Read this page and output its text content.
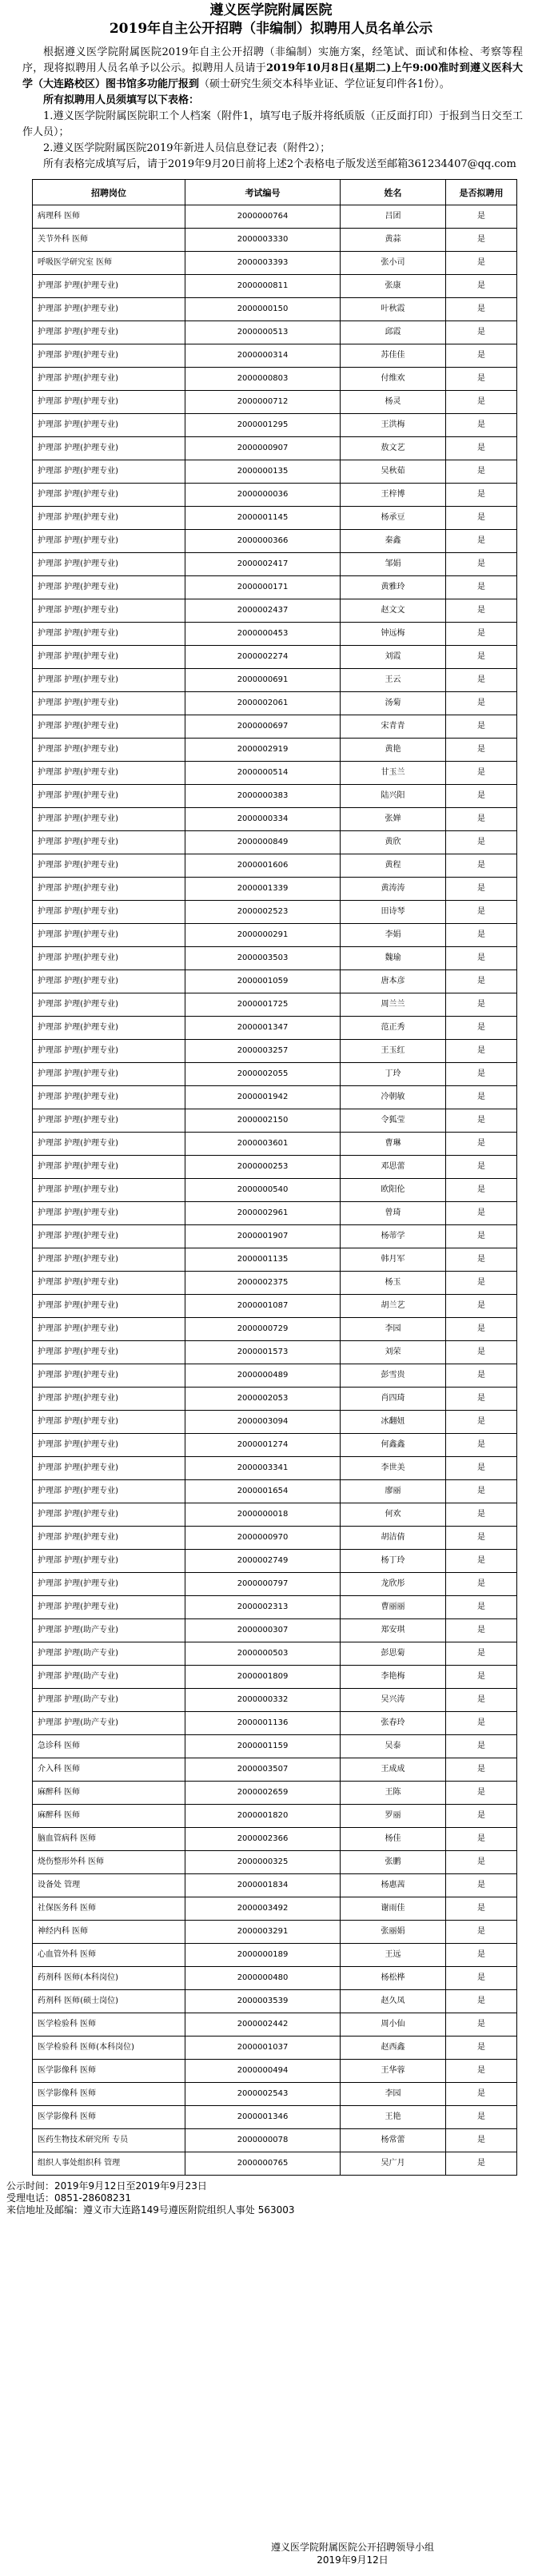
遵义医学院附属医院
2019年自主公开招聘（非编制）拟聘用人员名单公示

根据遵义医学院附属医院2019年自主公开招聘（非编制）实施方案，经笔试、面试和体检、考察等程序，现将拟聘用人员名单予以公示。拟聘用人员请于2019年10月8日(星期二)上午9:00准时到遵义医科大学（大连路校区）图书馆多功能厅报到（硕士研究生须交本科毕业证、学位证复印件各1份）。

所有拟聘用人员须填写以下表格：

1.遵义医学院附属医院职工个人档案（附件1，填写电子版并将纸质版（正反面打印）于报到当日交至工作人员）；

2.遵义医学院附属医院2019年新进人员信息登记表（附件2）；

所有表格完成填写后，请于2019年9月20日前将上述2个表格电子版发送至邮箱361234407@qq.com

招聘岗位	考试编号	姓名	是否拟聘用
病理科 医师	2000000764	吕团	是
关节外科 医师	2000003330	黄蒜	是
呼吸医学研究室 医师	2000003393	张小司	是
护理部 护理(护理专业)	2000000811	张康	是
护理部 护理(护理专业)	2000000150	叶秋霞	是
护理部 护理(护理专业)	2000000513	邱霞	是
护理部 护理(护理专业)	2000000314	苏佳佳	是
护理部 护理(护理专业)	2000000803	付维欢	是
护理部 护理(护理专业)	2000000712	杨灵	是
护理部 护理(护理专业)	2000001295	王洪梅	是
护理部 护理(护理专业)	2000000907	敖文艺	是
护理部 护理(护理专业)	2000000135	吴秋茹	是
护理部 护理(护理专业)	2000000036	王梓博	是
护理部 护理(护理专业)	2000001145	杨承豆	是
护理部 护理(护理专业)	2000000366	秦鑫	是
护理部 护理(护理专业)	2000002417	邹娟	是
护理部 护理(护理专业)	2000000171	黄雅玲	是
护理部 护理(护理专业)	2000002437	赵文文	是
护理部 护理(护理专业)	2000000453	钟远梅	是
护理部 护理(护理专业)	2000002274	刘霞	是
护理部 护理(护理专业)	2000000691	王云	是
护理部 护理(护理专业)	2000002061	汤菊	是
护理部 护理(护理专业)	2000000697	宋青青	是
护理部 护理(护理专业)	2000002919	黄艳	是
护理部 护理(护理专业)	2000000514	甘玉兰	是
护理部 护理(护理专业)	2000000383	陆兴阳	是
护理部 护理(护理专业)	2000000334	张婵	是
护理部 护理(护理专业)	2000000849	黄欣	是
护理部 护理(护理专业)	2000001606	黄程	是
护理部 护理(护理专业)	2000001339	黄涛涛	是
护理部 护理(护理专业)	2000002523	田诗琴	是
护理部 护理(护理专业)	2000000291	李娟	是
护理部 护理(护理专业)	2000003503	魏瑜	是
护理部 护理(护理专业)	2000001059	唐本彦	是
护理部 护理(护理专业)	2000001725	周兰兰	是
护理部 护理(护理专业)	2000001347	范正秀	是
护理部 护理(护理专业)	2000003257	王玉红	是
护理部 护理(护理专业)	2000002055	丁玲	是
护理部 护理(护理专业)	2000001942	冷朝敏	是
护理部 护理(护理专业)	2000002150	令狐莹	是
护理部 护理(护理专业)	2000003601	曹琳	是
护理部 护理(护理专业)	2000000253	邓思蕾	是
护理部 护理(护理专业)	2000000540	欧阳伦	是
护理部 护理(护理专业)	2000002961	曾琦	是
护理部 护理(护理专业)	2000001907	杨蒂学	是
护理部 护理(护理专业)	2000001135	韩月军	是
护理部 护理(护理专业)	2000002375	杨玉	是
护理部 护理(护理专业)	2000001087	胡兰艺	是
护理部 护理(护理专业)	2000000729	李园	是
护理部 护理(护理专业)	2000001573	刘荣	是
护理部 护理(护理专业)	2000000489	彭雪贵	是
护理部 护理(护理专业)	2000002053	肖四琦	是
护理部 护理(护理专业)	2000003094	冰翻妞	是
护理部 护理(护理专业)	2000001274	何鑫鑫	是
护理部 护理(护理专业)	2000003341	李世美	是
护理部 护理(护理专业)	2000001654	廖丽	是
护理部 护理(护理专业)	2000000018	何欢	是
护理部 护理(护理专业)	2000000970	胡洁倩	是
护理部 护理(护理专业)	2000002749	杨丁玲	是
护理部 护理(护理专业)	2000000797	龙欣彤	是
护理部 护理(护理专业)	2000002313	曹丽丽	是
护理部 护理(助产专业)	2000000307	郑安琪	是
护理部 护理(助产专业)	2000000503	彭思菊	是
护理部 护理(助产专业)	2000001809	李艳梅	是
护理部 护理(助产专业)	2000000332	吴兴涛	是
护理部 护理(助产专业)	2000001136	张春玲	是
急诊科 医师	2000001159	吴泰	是
介入科 医师	2000003507	王成成	是
麻醉科 医师	2000002659	王陈	是
麻醉科 医师	2000001820	罗丽	是
脑血管病科 医师	2000002366	杨佳	是
烧伤整形外科 医师	2000000325	张鹏	是
设备处 管理	2000001834	杨惠茜	是
社保医务科 医师	2000003492	谢雨佳	是
神经内科 医师	2000003291	张丽娟	是
心血管外科 医师	2000000189	王远	是
药剂科 医师(本科岗位)	2000000480	杨松桦	是
药剂科 医师(硕士岗位)	2000003539	赵久凤	是
医学检验科 医师	2000002442	周小仙	是
医学检验科 医师(本科岗位)	2000001037	赵西鑫	是
医学影像科 医师	2000000494	王华蓉	是
医学影像科 医师	2000002543	李园	是
医学影像科 医师	2000001346	王艳	是
医药生物技术研究所 专员	2000000078	杨常蕾	是
组织人事处组织科 管理	2000000765	吴广月	是
公示时间：2019年9月12日至2019年9月23日
受理电话：0851-28608231
来信地址及邮编：遵义市大连路149号遵医附院组织人事处 563003
遵义医学院附属医院公开招聘领导小组
2019年9月12日
